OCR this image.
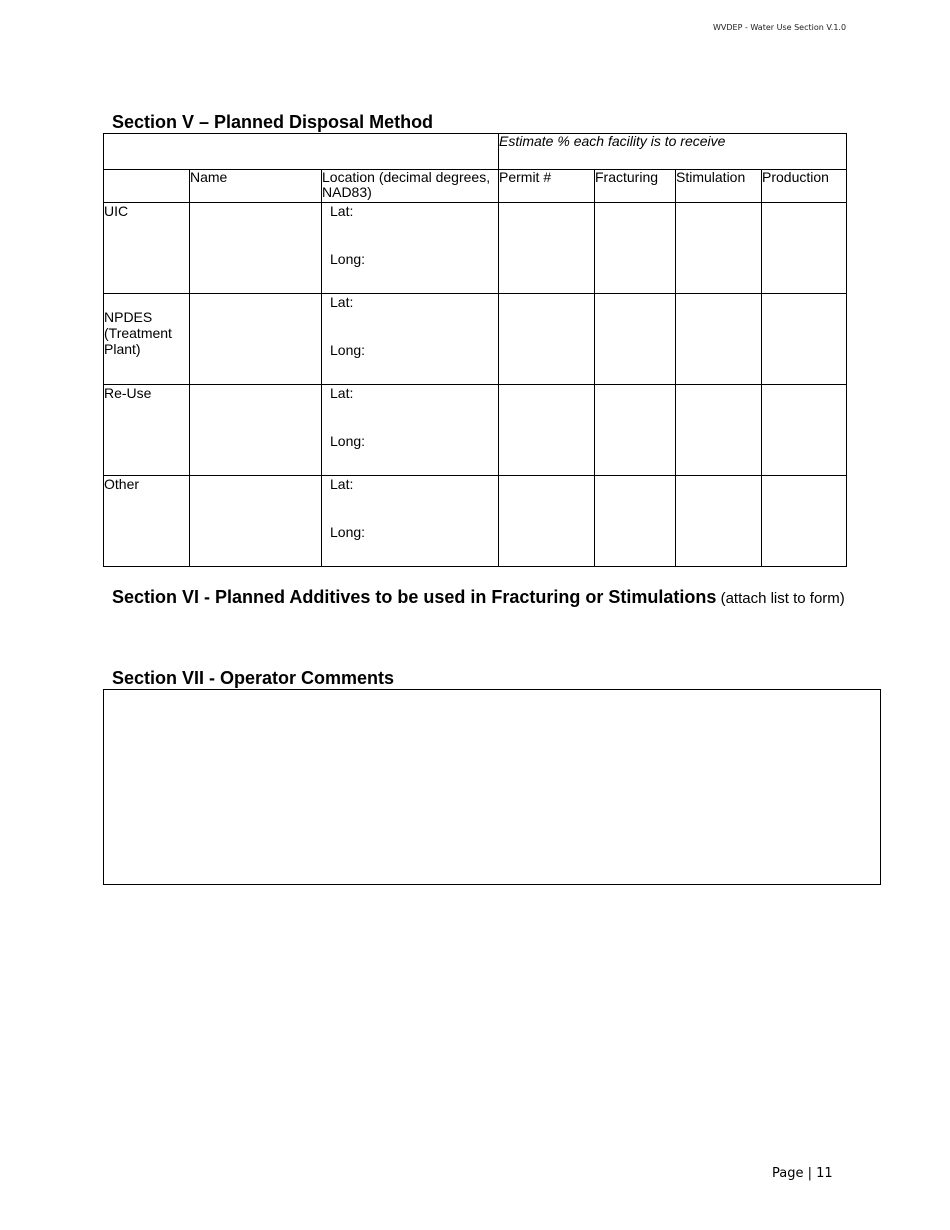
WVDEP - Water Use Section V.1.0
Section V – Planned Disposal Method
			Estimate % each facility is to receive			
	Name	Location (decimal degrees, NAD83)	Permit #	Fracturing	Stimulation	Production
UIC		Lat:
Long:				

NPDES (Treatment Plant)		Lat:
Long:				

Re-Use		Lat:
Long:				

Other		Lat:
Long:				

Section VI - Planned Additives to be used in Fracturing or Stimulations (attach list to form)
Section VII - Operator Comments
Page | 11
